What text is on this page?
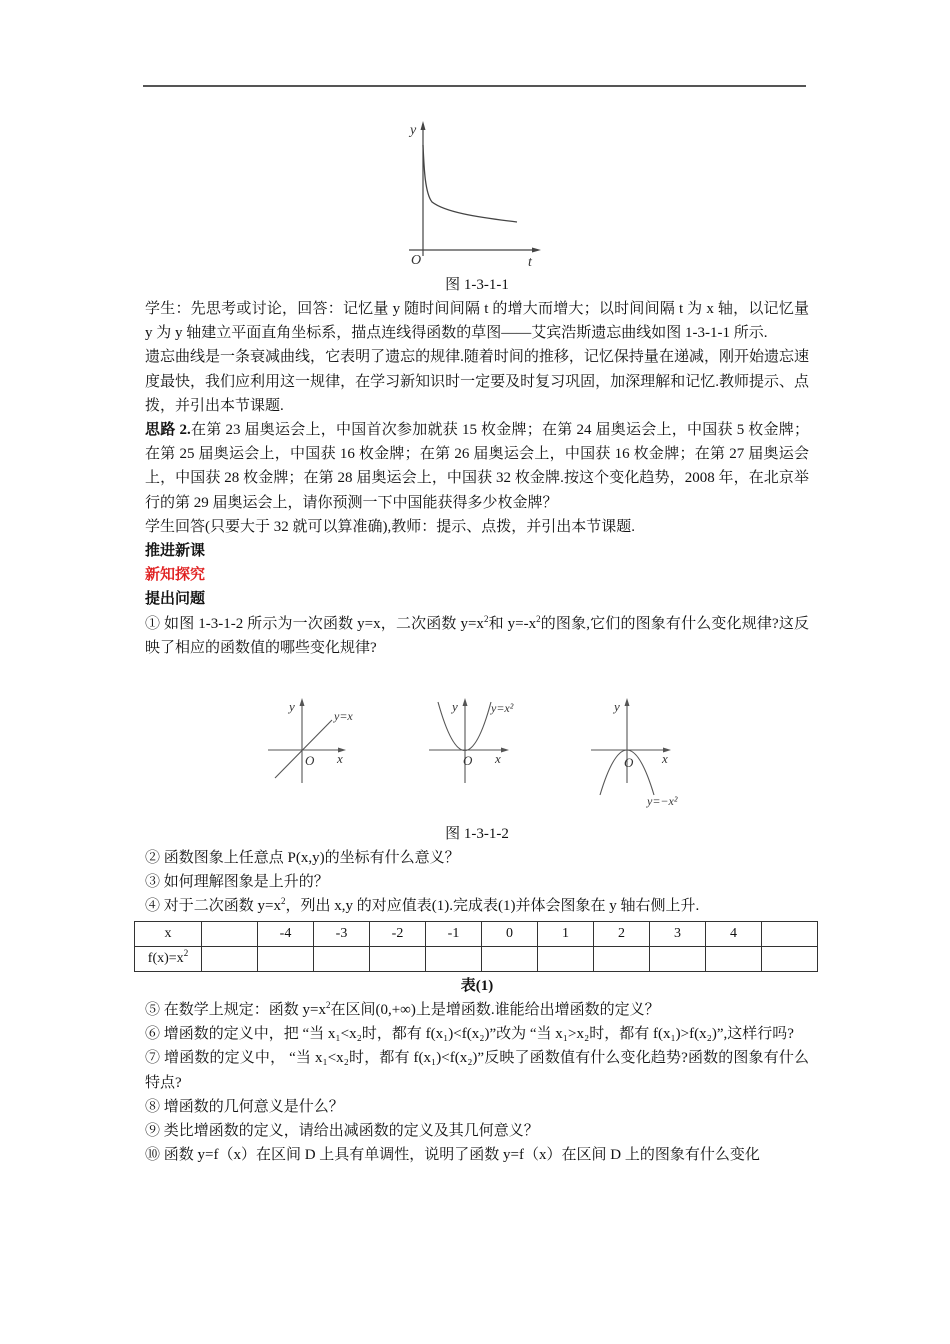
y
t
O
图 1-3-1-1

学生：先思考或讨论，回答：记忆量 y 随时间间隔 t 的增大而增大；以时间间隔 t 为 x 轴，以记忆量 y 为 y 轴建立平面直角坐标系，描点连线得函数的草图——艾宾浩斯遗忘曲线如图 1-3-1-1 所示.

遗忘曲线是一条衰减曲线，它表明了遗忘的规律.随着时间的推移，记忆保持量在递减，刚开始遗忘速度最快，我们应利用这一规律，在学习新知识时一定要及时复习巩固，加深理解和记忆.教师提示、点拨，并引出本节课题.

思路 2.在第 23 届奥运会上，中国首次参加就获 15 枚金牌；在第 24 届奥运会上，中国获 5 枚金牌；在第 25 届奥运会上，中国获 16 枚金牌；在第 26 届奥运会上，中国获 16 枚金牌；在第 27 届奥运会上，中国获 28 枚金牌；在第 28 届奥运会上，中国获 32 枚金牌.按这个变化趋势，2008 年，在北京举行的第 29 届奥运会上，请你预测一下中国能获得多少枚金牌？

学生回答(只要大于 32 就可以算准确),教师：提示、点拨，并引出本节课题.

推进新课

新知探究

提出问题

① 如图 1-3-1-2 所示为一次函数 y=x，二次函数 $y=x^2$和 $y=-x^2$的图象,它们的图象有什么变化规律?这反映了相应的函数值的哪些变化规律?

y
y=x
O x
y	y=x²
O x
y
y=−x²
O x
图 1-3-1-2

② 函数图象上任意点 P(x,y)的坐标有什么意义？

③ 如何理解图象是上升的？

④ 对于二次函数 $y=x^2$，列出 x,y 的对应值表(1).完成表(1)并体会图象在 y 轴右侧上升.

x		-4	-3	-2	-1	0	1	2	3	4	
$f(x)=x^2$											
表(1)

⑤ 在数学上规定：函数 $y=x^2$在区间(0,+∞)上是增函数.谁能给出增函数的定义？

⑥ 增函数的定义中，把 “当 x₁<x₂时，都有 f(x₁)<f(x₂)”改为 “当 x₁>x₂时，都有 f(x₁)>f(x₂)”,这样行吗?

⑦ 增函数的定义中， “当 x₁<x₂时，都有 f(x₁)<f(x₂)”反映了函数值有什么变化趋势?函数的图象有什么特点?

⑧ 增函数的几何意义是什么？

⑨ 类比增函数的定义，请给出减函数的定义及其几何意义？

⑩ 函数 y=f（x）在区间 D 上具有单调性，说明了函数 y=f（x）在区间 D 上的图象有什么变化
